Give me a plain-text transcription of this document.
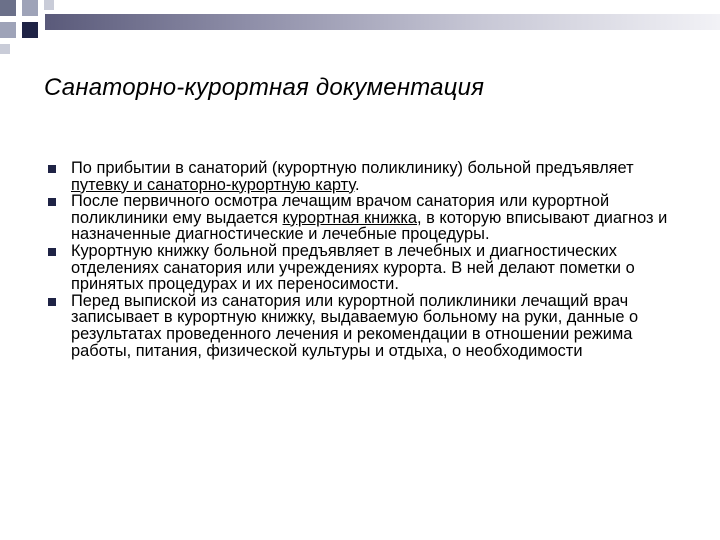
Санаторно-курортная документация
По прибытии в санаторий (курортную поликлинику) больной предъявляет путевку и санаторно-курортную карту.
После первичного осмотра лечащим врачом санатория или курортной поликлиники ему выдается курортная книжка, в которую вписывают диагноз и назначенные диагностические и лечебные процедуры.
Курортную книжку больной предъявляет в лечебных и диагностических отделениях санатория или учреждениях курорта. В ней делают пометки о принятых процедурах и их переносимости.
Перед выпиской из санатория или курортной поликлиники лечащий врач записывает в курортную книжку, выдаваемую больному на руки, данные о результатах проведенного лечения и рекомендации в отношении режима работы, питания, физической культуры и отдыха, о необходимости
